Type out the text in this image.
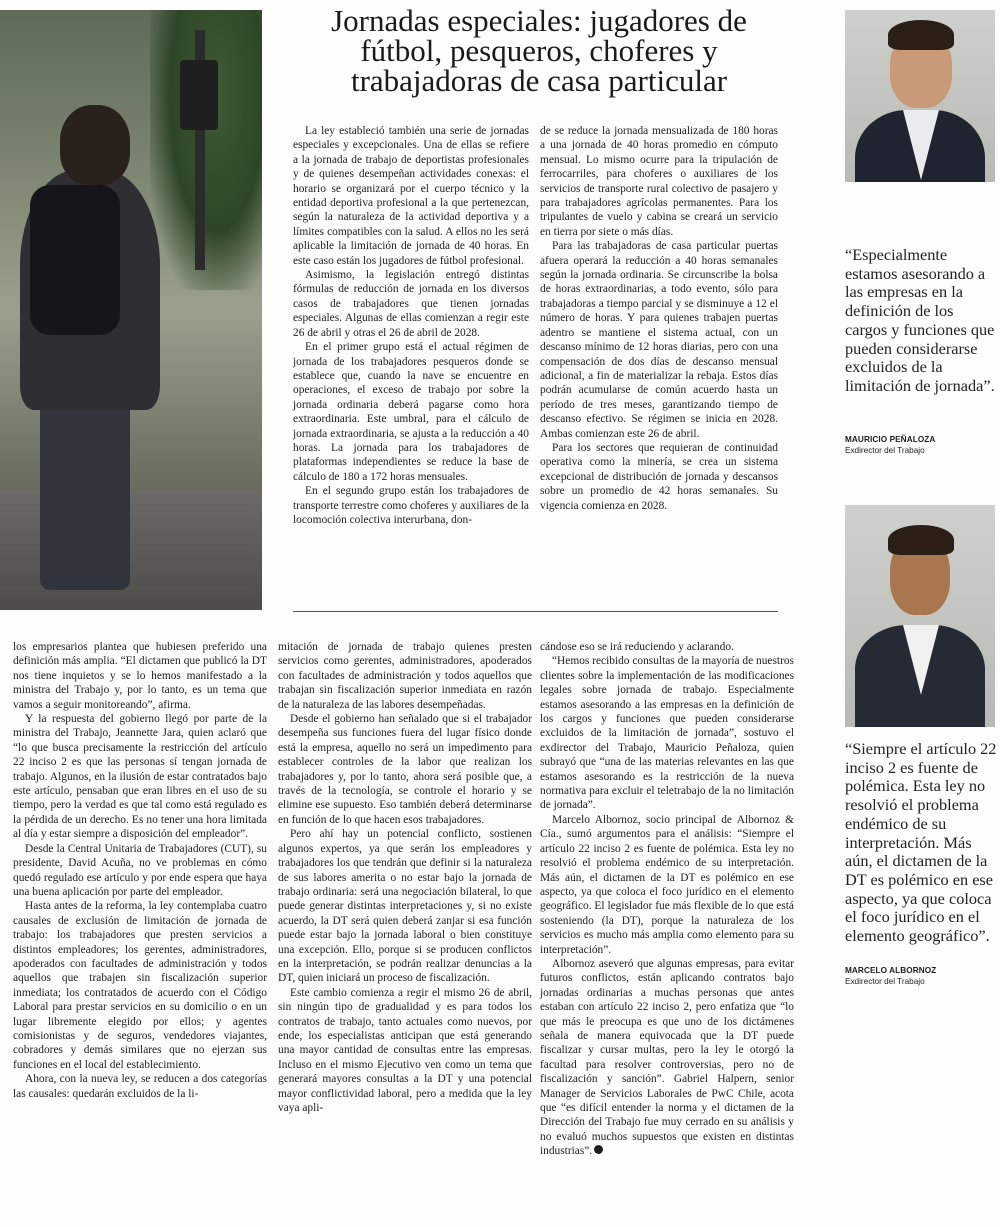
Jornadas especiales: jugadores de fútbol, pesqueros, choferes y trabajadoras de casa particular

La ley estableció también una serie de jornadas especiales y excepcionales. Una de ellas se refiere a la jornada de trabajo de deportistas profesionales y de quienes desempeñan actividades conexas: el horario se organizará por el cuerpo técnico y la entidad deportiva profesional a la que pertenezcan, según la naturaleza de la actividad deportiva y a límites compatibles con la salud. A ellos no les será aplicable la limitación de jornada de 40 horas. En este caso están los jugadores de fútbol profesional.

Asimismo, la legislación entregó distintas fórmulas de reducción de jornada en los diversos casos de trabajadores que tienen jornadas especiales. Algunas de ellas comienzan a regir este 26 de abril y otras el 26 de abril de 2028.

En el primer grupo está el actual régimen de jornada de los trabajadores pesqueros donde se establece que, cuando la nave se encuentre en operaciones, el exceso de trabajo por sobre la jornada ordinaria deberá pagarse como hora extraordinaria. Este umbral, para el cálculo de jornada extraordinaria, se ajusta a la reducción a 40 horas. La jornada para los trabajadores de plataformas independientes se reduce la base de cálculo de 180 a 172 horas mensuales.

En el segundo grupo están los trabajadores de transporte terrestre como choferes y auxiliares de la locomoción colectiva interurbana, don-

de se reduce la jornada mensualizada de 180 horas a una jornada de 40 horas promedio en cómputo mensual. Lo mismo ocurre para la tripulación de ferrocarriles, para choferes o auxiliares de los servicios de transporte rural colectivo de pasajero y para trabajadores agrícolas permanentes. Para los tripulantes de vuelo y cabina se creará un servicio en tierra por siete o más días.

Para las trabajadoras de casa particular puertas afuera operará la reducción a 40 horas semanales según la jornada ordinaria. Se circunscribe la bolsa de horas extraordinarias, a todo evento, sólo para trabajadoras a tiempo parcial y se disminuye a 12 el número de horas. Y para quienes trabajen puertas adentro se mantiene el sistema actual, con un descanso mínimo de 12 horas diarias, pero con una compensación de dos días de descanso mensual adicional, a fin de materializar la rebaja. Estos días podrán acumularse de común acuerdo hasta un período de tres meses, garantizando tiempo de descanso efectivo. Se régimen se inicia en 2028. Ambas comienzan este 26 de abril.

Para los sectores que requieran de continuidad operativa como la minería, se crea un sistema excepcional de distribución de jornada y descansos sobre un promedio de 42 horas semanales. Su vigencia comienza en 2028.

los empresarios plantea que hubiesen preferido una definición más amplia. “El dictamen que publicó la DT nos tiene inquietos y se lo hemos manifestado a la ministra del Trabajo y, por lo tanto, es un tema que vamos a seguir monitoreando”, afirma.

Y la respuesta del gobierno llegó por parte de la ministra del Trabajo, Jeannette Jara, quien aclaró que “lo que busca precisamente la restricción del artículo 22 inciso 2 es que las personas sí tengan jornada de trabajo. Algunos, en la ilusión de estar contratados bajo este artículo, pensaban que eran libres en el uso de su tiempo, pero la verdad es que tal como está regulado es la pérdida de un derecho. Es no tener una hora limitada al día y estar siempre a disposición del empleador”.

Desde la Central Unitaria de Trabajadores (CUT), su presidente, David Acuña, no ve problemas en cómo quedó regulado ese artículo y por ende espera que haya una buena aplicación por parte del empleador.

Hasta antes de la reforma, la ley contemplaba cuatro causales de exclusión de limitación de jornada de trabajo: los trabajadores que presten servicios a distintos empleadores; los gerentes, administradores, apoderados con facultades de administración y todos aquellos que trabajen sin fiscalización superior inmediata; los contratados de acuerdo con el Código Laboral para prestar servicios en su domicilio o en un lugar libremente elegido por ellos; y agentes comisionistas y de seguros, vendedores viajantes, cobradores y demás similares que no ejerzan sus funciones en el local del establecimiento.

Ahora, con la nueva ley, se reducen a dos categorías las causales: quedarán excluidos de la li-

mitación de jornada de trabajo quienes presten servicios como gerentes, administradores, apoderados con facultades de administración y todos aquellos que trabajan sin fiscalización superior inmediata en razón de la naturaleza de las labores desempeñadas.

Desde el gobierno han señalado que si el trabajador desempeña sus funciones fuera del lugar físico donde está la empresa, aquello no será un impedimento para establecer controles de la labor que realizan los trabajadores y, por lo tanto, ahora será posible que, a través de la tecnología, se controle el horario y se elimine ese supuesto. Eso también deberá determinarse en función de lo que hacen esos trabajadores.

Pero ahí hay un potencial conflicto, sostienen algunos expertos, ya que serán los empleadores y trabajadores los que tendrán que definir si la naturaleza de sus labores amerita o no estar bajo la jornada de trabajo ordinaria: será una negociación bilateral, lo que puede generar distintas interpretaciones y, si no existe acuerdo, la DT será quien deberá zanjar si esa función puede estar bajo la jornada laboral o bien constituye una excepción. Ello, porque si se producen conflictos en la interpretación, se podrán realizar denuncias a la DT, quien iniciará un proceso de fiscalización.

Este cambio comienza a regir el mismo 26 de abril, sin ningún tipo de gradualidad y es para todos los contratos de trabajo, tanto actuales como nuevos, por ende, los especialistas anticipan que está generando una mayor cantidad de consultas entre las empresas. Incluso en el mismo Ejecutivo ven como un tema que generará mayores consultas a la DT y una potencial mayor conflictividad laboral, pero a medida que la ley vaya apli-

cándose eso se irá reduciendo y aclarando.

“Hemos recibido consultas de la mayoría de nuestros clientes sobre la implementación de las modificaciones legales sobre jornada de trabajo. Especialmente estamos asesorando a las empresas en la definición de los cargos y funciones que pueden considerarse excluidos de la limitación de jornada”, sostuvo el exdirector del Trabajo, Mauricio Peñaloza, quien subrayó que “una de las materias relevantes en las que estamos asesorando es la restricción de la nueva normativa para excluir el teletrabajo de la no limitación de jornada”.

Marcelo Albornoz, socio principal de Albornoz & Cía., sumó argumentos para el análisis: “Siempre el artículo 22 inciso 2 es fuente de polémica. Esta ley no resolvió el problema endémico de su interpretación. Más aún, el dictamen de la DT es polémico en ese aspecto, ya que coloca el foco jurídico en el elemento geográfico. El legislador fue más flexible de lo que está sosteniendo (la DT), porque la naturaleza de los servicios es mucho más amplia como elemento para su interpretación”.

Albornoz aseveró que algunas empresas, para evitar futuros conflictos, están aplicando contratos bajo jornadas ordinarias a muchas personas que antes estaban con artículo 22 inciso 2, pero enfatiza que “lo que más le preocupa es que uno de los dictámenes señala de manera equivocada que la DT puede fiscalizar y cursar multas, pero la ley le otorgó la facultad para resolver controversias, pero no de fiscalización y sanción”. Gabriel Halpern, senior Manager de Servicios Laborales de PwC Chile, acota que “es difícil entender la norma y el dictamen de la Dirección del Trabajo fue muy cerrado en su análisis y no evaluó muchos supuestos que existen en distintas industrias”.

“Especialmente estamos asesorando a las empresas en la definición de los cargos y funciones que pueden considerarse excluidos de la limitación de jornada”.
MAURICIO PEÑALOZA
Exdirector del Trabajo
“Siempre el artículo 22 inciso 2 es fuente de polémica. Esta ley no resolvió el problema endémico de su interpretación. Más aún, el dictamen de la DT es polémico en ese aspecto, ya que coloca el foco jurídico en el elemento geográfico”.
MARCELO ALBORNOZ
Exdirector del Trabajo
